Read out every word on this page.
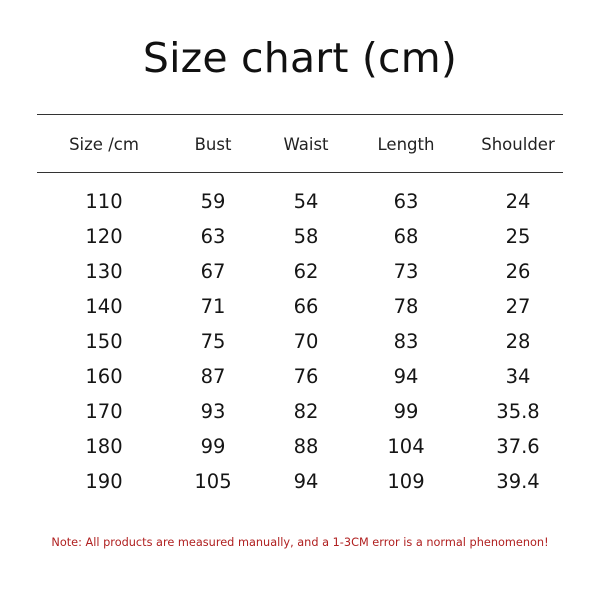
Size chart (cm)
Size /cm	Bust	Waist	Length	Shoulder
110	59	54	63	24
120	63	58	68	25
130	67	62	73	26
140	71	66	78	27
150	75	70	83	28
160	87	76	94	34
170	93	82	99	35.8
180	99	88	104	37.6
190	105	94	109	39.4
Note: All products are measured manually, and a 1-3CM error is a normal phenomenon!
